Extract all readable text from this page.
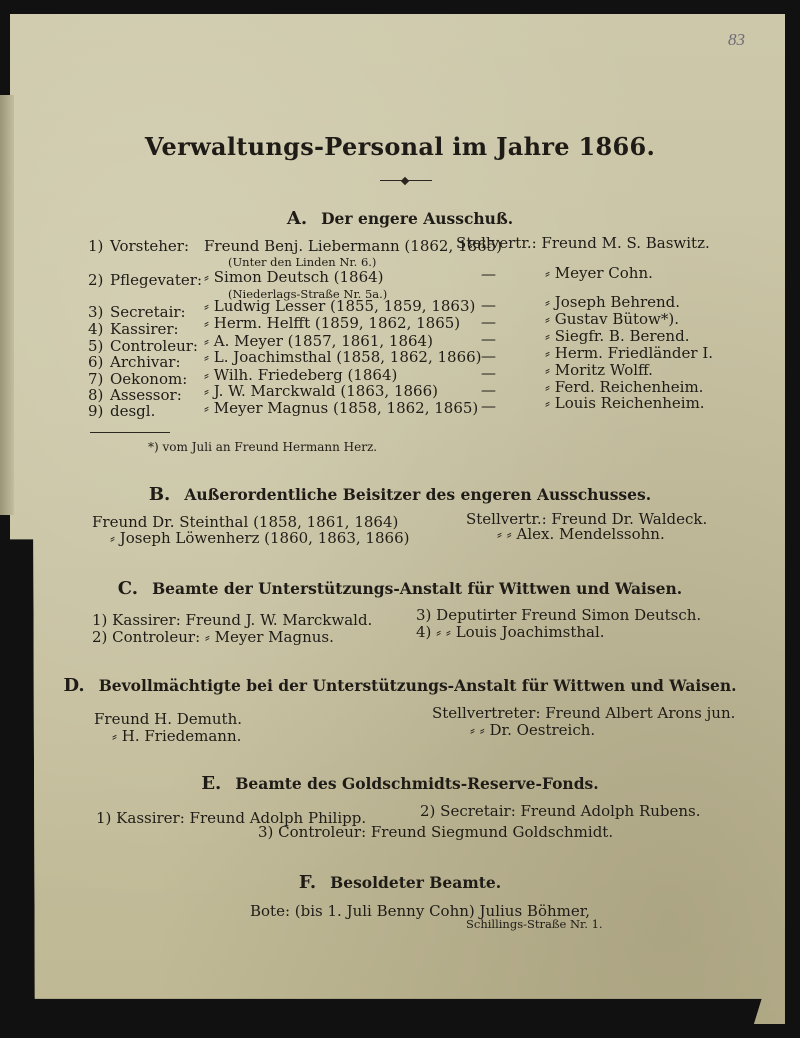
83
Verwaltungs-Personal im Jahre 1866.
A. Der engere Ausschuß.
1) Vorsteher: Freund Benj. Liebermann (1862, 1865)
Stellvertr.: Freund M. S. Baswitz.
(Unter den Linden Nr. 6.)
2) Pflegevater: ⸗ Simon Deutsch (1864)	—	⸗ Meyer Cohn.
(Niederlags-Straße Nr. 5a.)
3) Secretair: ⸗ Ludwig Lesser (1855, 1859, 1863) —	⸗ Joseph Behrend.
4) Kassirer: ⸗ Herm. Helfft (1859, 1862, 1865) —	⸗ Gustav Bütow*).
5) Controleur: ⸗ A. Meyer (1857, 1861, 1864)	—	⸗ Siegfr. B. Berend.
6) Archivar: ⸗ L. Joachimsthal (1858, 1862, 1866) —	⸗ Herm. Friedländer I.
7) Oekonom: ⸗ Wilh. Friedeberg (1864)	—	⸗ Moritz Wolff.
8) Assessor: ⸗ J. W. Marckwald (1863, 1866)	—	⸗ Ferd. Reichenheim.
9) desgl.	⸗ Meyer Magnus (1858, 1862, 1865) —	⸗ Louis Reichenheim.
*) vom Juli an Freund Hermann Herz.
B. Außerordentliche Beisitzer des engeren Ausschusses.
Freund Dr. Steinthal (1858, 1861, 1864)
⸗ Joseph Löwenherz (1860, 1863, 1866)
Stellvertr.: Freund Dr. Waldeck.
⸗ ⸗ Alex. Mendelssohn.
C. Beamte der Unterstützungs-Anstalt für Wittwen und Waisen.
1) Kassirer: Freund J. W. Marckwald.
2) Controleur: ⸗ Meyer Magnus.
3) Deputirter Freund Simon Deutsch.
4) ⸗ ⸗ Louis Joachimsthal.
D. Bevollmächtigte bei der Unterstützungs-Anstalt für Wittwen und Waisen.
Freund H. Demuth.
⸗ H. Friedemann.
Stellvertreter: Freund Albert Arons jun.
⸗ ⸗ Dr. Oestreich.
E. Beamte des Goldschmidts-Reserve-Fonds.
1) Kassirer: Freund Adolph Philipp.	2) Secretair: Freund Adolph Rubens.
3) Controleur: Freund Siegmund Goldschmidt.
F. Besoldeter Beamte.
Bote: (bis 1. Juli Benny Cohn) Julius Böhmer,
Schillings-Straße Nr. 1.
